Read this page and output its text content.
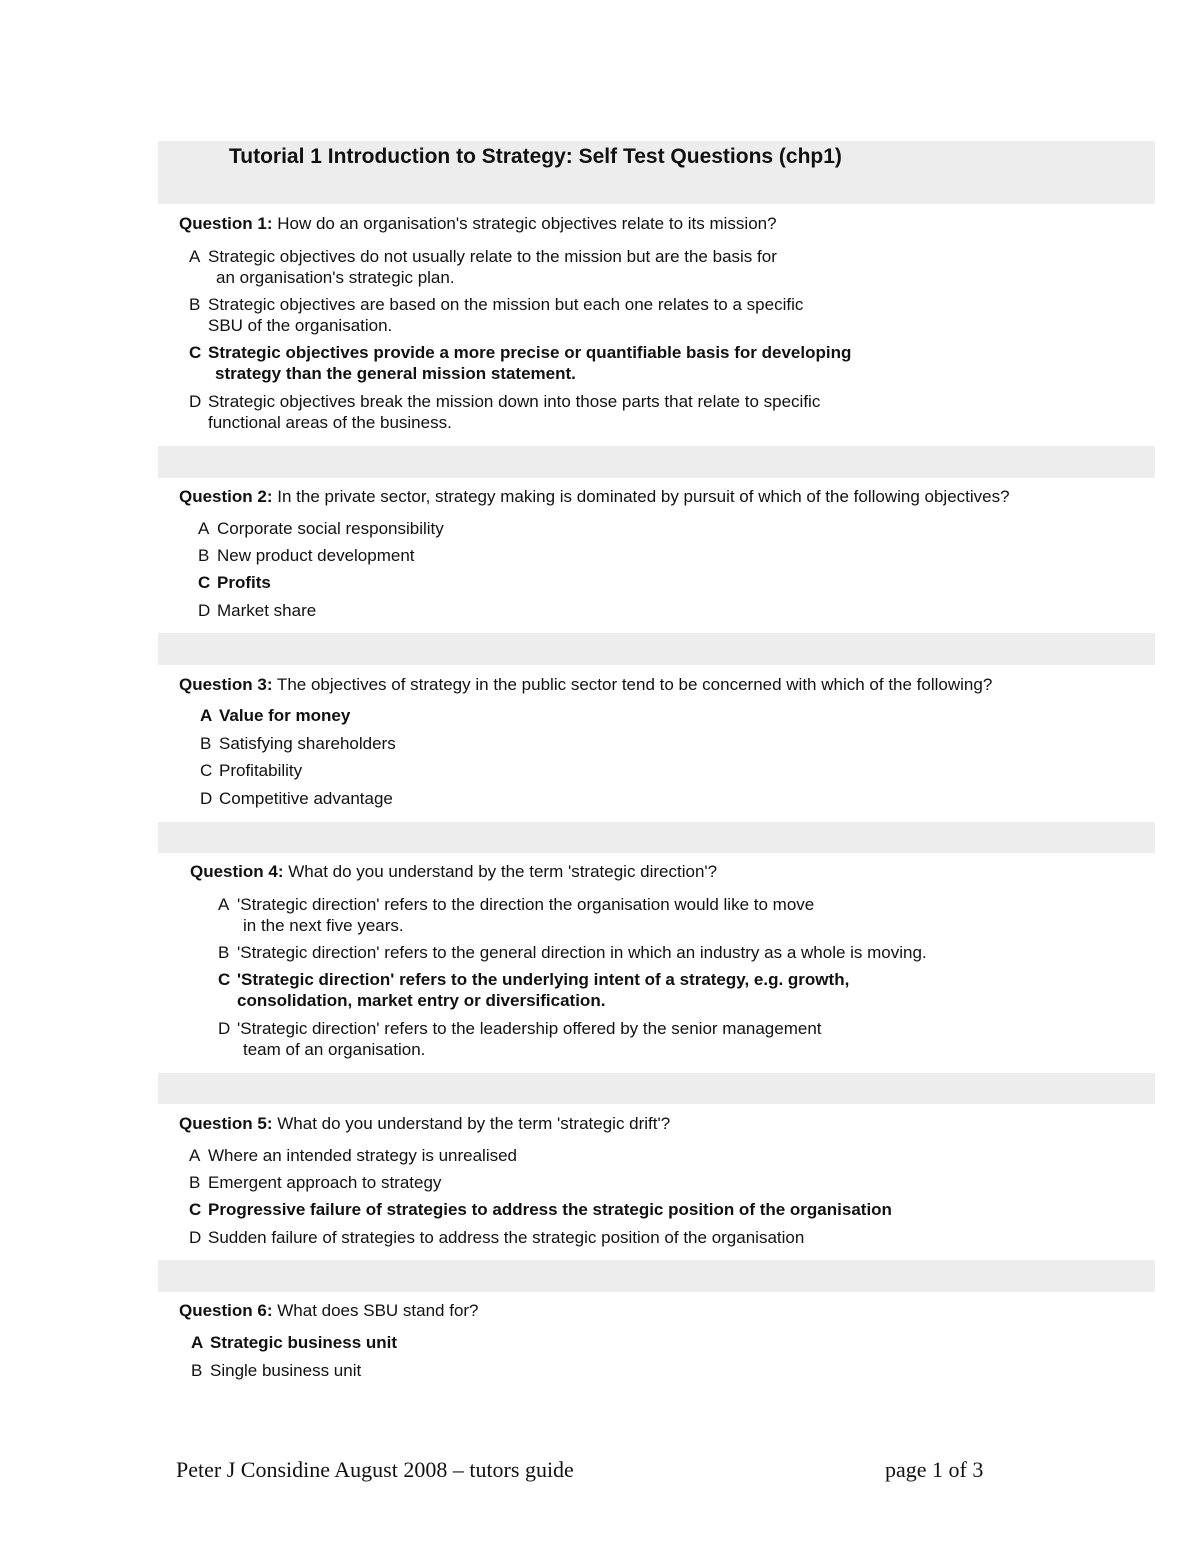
Tutorial 1 Introduction to Strategy: Self Test Questions (chp1)
Question 1: How do an organisation's strategic objectives relate to its mission?
A Strategic objectives do not usually relate to the mission but are the basis for
an organisation's strategic plan.
B Strategic objectives are based on the mission but each one relates to a specific
SBU of the organisation.
C Strategic objectives provide a more precise or quantifiable basis for developing
strategy than the general mission statement.
D Strategic objectives break the mission down into those parts that relate to specific
functional areas of the business.
Question 2: In the private sector, strategy making is dominated by pursuit of which of the following objectives?
A Corporate social responsibility
B New product development
C Profits
D Market share
Question 3: The objectives of strategy in the public sector tend to be concerned with which of the following?
A Value for money
B Satisfying shareholders
C Profitability
D Competitive advantage
Question 4: What do you understand by the term 'strategic direction'?
A 'Strategic direction' refers to the direction the organisation would like to move
in the next five years.
B 'Strategic direction' refers to the general direction in which an industry as a whole is moving.
C 'Strategic direction' refers to the underlying intent of a strategy, e.g. growth,
consolidation, market entry or diversification.
D 'Strategic direction' refers to the leadership offered by the senior management
team of an organisation.
Question 5: What do you understand by the term 'strategic drift'?
A Where an intended strategy is unrealised
B Emergent approach to strategy
C Progressive failure of strategies to address the strategic position of the organisation
D Sudden failure of strategies to address the strategic position of the organisation
Question 6: What does SBU stand for?
A Strategic business unit
B Single business unit
Peter J Considine August 2008 – tutors guide	page 1 of 3
